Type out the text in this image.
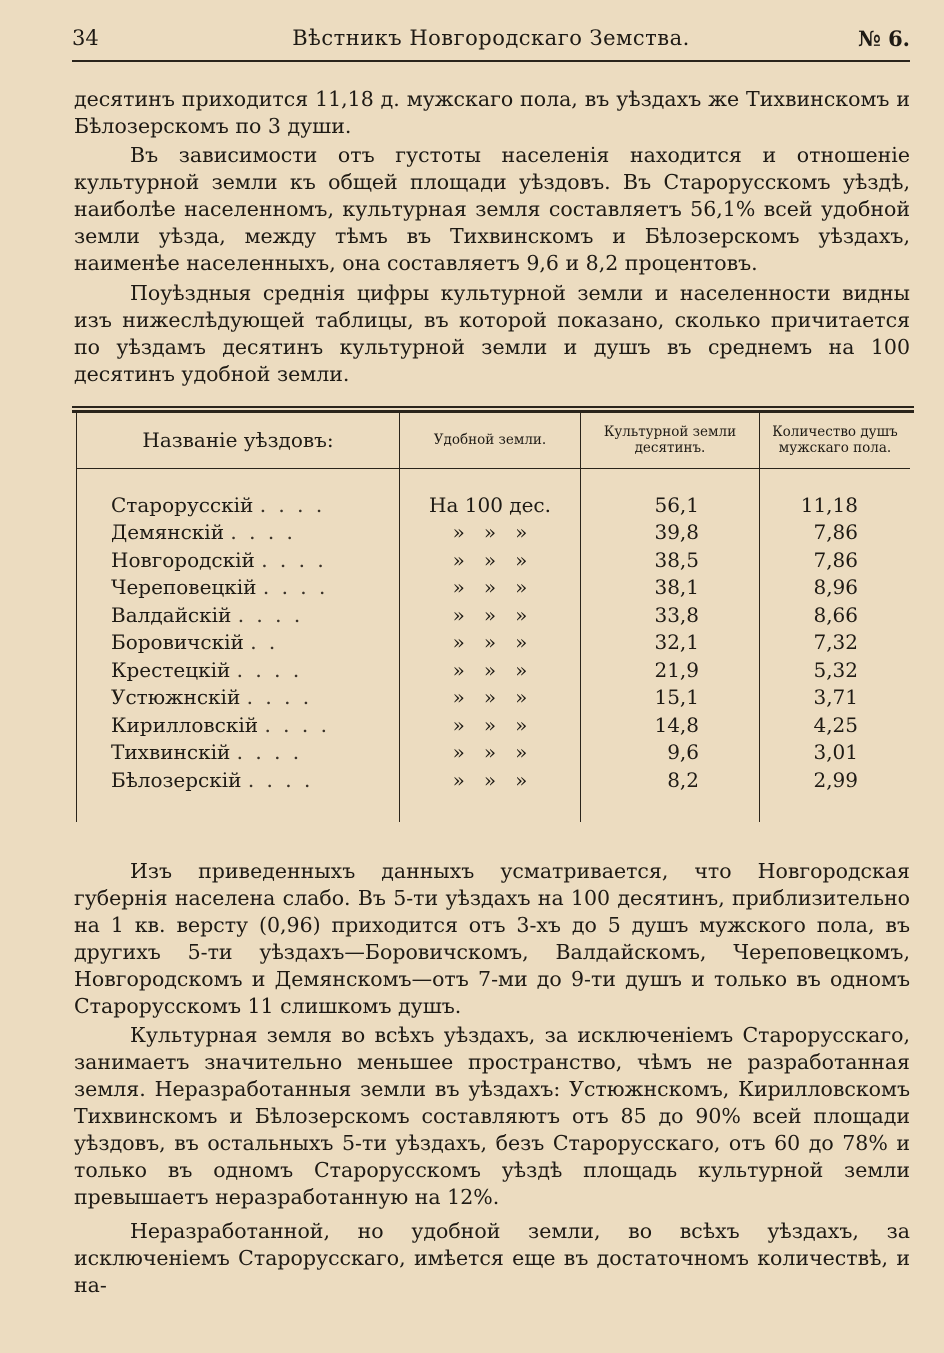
34	Вѣстникъ Новгородскаго Земства.	№ 6.

десятинъ приходится 11,18 д. мужскаго пола, въ уѣздахъ же Тихвинскомъ и Бѣлозерскомъ по 3 души.

Въ зависимости отъ густоты населенія находится и отношеніе культурной земли къ общей площади уѣздовъ. Въ Старорусскомъ уѣздѣ, наиболѣе населенномъ, культурная земля составляетъ 56,1% всей удобной земли уѣзда, между тѣмъ въ Тихвинскомъ и Бѣлозерскомъ уѣздахъ, наименѣе населенныхъ, она составляетъ 9,6 и 8,2 процентовъ.

Поуѣздныя среднія цифры культурной земли и населенности видны изъ нижеслѣдующей таблицы, въ которой показано, сколько причитается по уѣздамъ десятинъ культурной земли и душъ въ среднемъ на 100 десятинъ удобной земли.

Названіе уѣздовъ:	Удобной земли.	Культурной земли десятинъ.	Количество душъ мужскаго пола.

Старорусскій . . . .	На 100 дес.	56,1	11,18
Демянскій . . . .	»   »   »	39,8	7,86
Новгородскій . . . .	»   »   »	38,5	7,86
Череповецкій . . . .	»   »   »	38,1	8,96
Валдайскій . . . .	»   »   »	33,8	8,66
Боровичскій . .	»   »   »	32,1	7,32
Крестецкій . . . .	»   »   »	21,9	5,32
Устюжнскій . . . .	»   »   »	15,1	3,71
Кирилловскій . . . .	»   »   »	14,8	4,25
Тихвинскій . . . .	»   »   »	9,6	3,01
Бѣлозерскій . . . .	»   »   »	8,2	2,99

Изъ приведенныхъ данныхъ усматривается, что Новгородская губернія населена слабо. Въ 5-ти уѣздахъ на 100 десятинъ, приблизительно на 1 кв. версту (0,96) приходится отъ 3-хъ до 5 душъ мужского пола, въ другихъ 5-ти уѣздахъ—Боровичскомъ, Валдайскомъ, Череповецкомъ, Новгородскомъ и Демянскомъ—отъ 7-ми до 9-ти душъ и только въ одномъ Старорусскомъ 11 слишкомъ душъ.

Культурная земля во всѣхъ уѣздахъ, за исключеніемъ Старорусскаго, занимаетъ значительно меньшее пространство, чѣмъ не разработанная земля. Неразработанныя земли въ уѣздахъ: Устюжнскомъ, Кирилловскомъ Тихвинскомъ и Бѣлозерскомъ составляютъ отъ 85 до 90% всей площади уѣздовъ, въ остальныхъ 5-ти уѣздахъ, безъ Старорусскаго, отъ 60 до 78% и только въ одномъ Старорусскомъ уѣздѣ площадь культурной земли превышаетъ неразработанную на 12%.

Неразработанной, но удобной земли, во всѣхъ уѣздахъ, за исключеніемъ Старорусскаго, имѣется еще въ достаточномъ количествѣ, и на-
